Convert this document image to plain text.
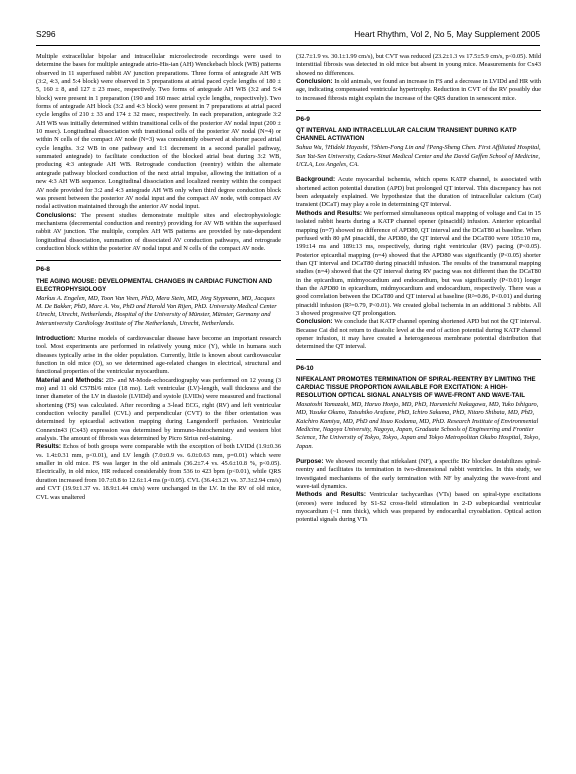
S296	Heart Rhythm, Vol 2, No 5, May Supplement 2005

Multiple extracellular bipolar and intracellular microelectrode recordings were used to determine the bases for multiple antegrade atrio-His-ian (AH) Wenckebach block (WB) patterns observed in 11 superfused rabbit AV junction preparations. Three forms of antegrade AH WB (3:2, 4:3, and 5:4 block) were observed in 3 preparations at atrial paced cycle lengths of 180 ± 5, 160 ± 8, and 127 ± 23 msec, respectively. Two forms of antegrade AH WB (3:2 and 5:4 block) were present in 1 preparation (190 and 160 msec atrial cycle lengths, respectively). Two forms of antegrade AH block (3:2 and 4:3 block) were present in 7 preparations at atrial paced cycle lengths of 210 ± 33 and 174 ± 32 msec, respectively. In each preparation, antegrade 3:2 AH WB was initially determined within transitional cells of the posterior AV nodal input (200 ± 10 msec). Longitudinal dissociation with transitional cells of the posterior AV nodal (N=4) or within N cells of the compact AV node (N=3) was consistently observed at shorter paced atrial cycle lengths. 3:2 WB in one pathway and 1:1 decrement in a second parallel pathway, summated antegrade) to facilitate conduction of the blocked atrial beat during 3:2 WB, producing 4:3 antegrade AH WB. Retrograde conduction (reentry) within the alternate antegrade pathway blocked conduction of the next atrial impulse, allowing the initiation of a new 4:3 AH WB sequence. Longitudinal dissociation and localized reentry within the compact AV node provided for 3:2 and 4:3 antegrade AH WB only when third degree conduction block was present between the posterior AV nodal input and the compact AV node, with compact AV nodal activation maintained through the anterior AV nodal input.

Conclusions: The present studies demonstrate multiple sites and electrophysiologic mechanisms (decremental conduction and reentry) providing for AV WB within the superfused rabbit AV junction. The multiple, complex AH WB patterns are provided by rate-dependent longitudinal dissociation, summation of dissociated AV conduction pathways, and retrograde conduction block within the posterior AV nodal input and N cells of the compact AV node.

P6-8
THE AGING MOUSE: DEVELOPMENTAL CHANGES IN CARDIAC FUNCTION AND ELECTROPHYSIOLOGY
Markus A. Engelen, MD, Toon Van Veen, PhD, Mera Stein, MD, Jörg Stypmann, MD, Jacques M. De Bakker, PhD, Marc A. Vos, PhD and Harold Van Rijen, PhD. University Medical Center Utrecht, Utrecht, Netherlands, Hospital of the University of Münster, Münster, Germany and Interuniversity Cardiology Institute of The Netherlands, Utrecht, Netherlands.

Introduction: Murine models of cardiovascular disease have become an important research tool. Most experiments are performed in relatively young mice (Y), while in humans such diseases typically arise in the older population. Currently, little is known about cardiovascular function in old mice (O), so we determined age-related changes in electrical, structural and functional properties of the ventricular myocardium.

Material and Methods: 2D- and M-Mode-echocardiography was performed on 12 young (3 mo) and 11 old C57Bl/6 mice (18 mo). Left ventricular (LV)-length, wall thickness and the inner diameter of the LV in diastole (LVIDd) and systole (LVIDs) were measured and fractional shortening (FS) was calculated. After recording a 3-lead ECG, right (RV) and left ventricular conduction velocity parallel (CVL) and perpendicular (CVT) to the fiber orientation was determined by epicardial activation mapping during Langendorff perfusion. Ventricular Connexin43 (Cx43) expression was determined by immuno-histochemistry and western blot analysis. The amount of fibrosis was determined by Picro Sirius red-staining.

Results: Echos of both groups were comparable with the exception of both LVIDd (1.9±0.36 vs. 1.4±0.31 mm, p<0.01), and LV length (7.0±0.9 vs. 6.0±0.63 mm, p=0.01) which were smaller in old mice. FS was larger in the old animals (36.2±7.4 vs. 45.6±10.8 %, p<0.05). Electrically, in old mice, HR reduced considerably from 536 to 423 bpm (p<0.01), while QRS duration increased from 10.7±0.8 to 12.6±1.4 ms (p<0.05). CVL (36.4±3.21 vs. 37.3±2.94 cm/s) and CVT (19.9±1.37 vs. 18.9±1.44 cm/s) were unchanged in the LV. In the RV of old mice, CVL was unaltered

(32.7±1.9 vs. 30.1±1.99 cm/s), but CVT was reduced (23.2±1.3 vs 17.5±5.9 cm/s, p<0.05). Mild interstitial fibrosis was detected in old mice but absent in young mice. Measurements for Cx43 showed no differences.

Conclusion: In old animals, we found an increase in FS and a decrease in LVIDd and HR with age, indicating compensated ventricular hypertrophy. Reduction in CVT of the RV possibly due to increased fibrosis might explain the increase of the QRS duration in senescent mice.

P6-9
QT INTERVAL AND INTRACELLULAR CALCIUM TRANSIENT DURING KATP CHANNEL ACTIVATION
Suhua Wu, †Hideki Hayashi, †Shien-Fong Lin and †Peng-Sheng Chen. First Affiliated Hospital, Sun Yat-Sen University, Cedars-Sinai Medical Center and the David Geffen School of Medicine, UCLA, Los Angeles, CA.

Background: Acute myocardial ischemia, which opens KATP channel, is associated with shortened action potential duration (APD) but prolonged QT interval. This discrepancy has not been adequately explained. We hypothesize that the duration of intracellular calcium (Cai) transient (DCaT) may play a role in determining QT interval.

Methods and Results: We performed simultaneous optical mapping of voltage and Cai in 15 isolated rabbit hearts during a KATP channel opener (pinacidil) infusion. Anterior epicardial mapping (n=7) showed no difference of APD80, QT interval and the DCaT80 at baseline. When perfused with 80 μM pinacidil, the APD80, the QT interval and the DCaT80 were 105±10 ms, 199±14 ms and 189±13 ms, respectively, during right ventricular (RV) pacing (P<0.05). Posterior epicardial mapping (n=4) showed that the APD80 was significantly (P<0.05) shorter than QT interval and DCaT80 during pinacidil infusion. The results of the transmural mapping studies (n=4) showed that the QT interval during RV pacing was not different than the DCaT80 in the epicardium, midmyocardium and endocardium, but was significantly (P<0.01) longer than the APD80 in epicardium, midmyocardium and endocardium, respectively. There was a good correlation between the DCaT80 and QT interval at baseline (R²=0.86, P<0.01) and during pinacidil infusion (R²=0.79, P<0.01). We created global ischemia in an additional 3 rabbits. All 3 showed progressive QT prolongation.

Conclusion: We conclude that KATP channel opening shortened APD but not the QT interval. Because Cai did not return to diastolic level at the end of action potential during KATP channel opener infusion, it may have created a heterogeneous membrane potential distribution that determined the QT interval.

P6-10
NIFEKALANT PROMOTES TERMINATION OF SPIRAL-REENTRY BY LIMITING THE CARDIAC TISSUE PROPORTION AVAILABLE FOR EXCITATION: A HIGH-RESOLUTION OPTICAL SIGNAL ANALYSIS OF WAVE-FRONT AND WAVE-TAIL
Masatoshi Yamazaki, MD, Haruo Honjo, MD, PhD, Harumichi Nakagawa, MD, Yuko Ishiguro, MD, Yusuke Okuno, Tatsuhiko Arafune, PhD, Ichiro Sakuma, PhD, Nitaro Shibata, MD, PhD, Kaichiro Kamiya, MD, PhD and Itsuo Kodama, MD, PhD. Research Institute of Environmental Medicine, Nagoya University, Nagoya, Japan, Graduate Schools of Engineering and Frontier Science, The University of Tokyo, Tokyo, Japan and Tokyo Metropolitan Okubo Hospital, Tokyo, Japan.

Purpose: We showed recently that nifekalant (NF), a specific IKr blocker destabilizes spiral-reentry and facilitates its termination in two-dimensional rabbit ventricles. In this study, we investigated mechanisms of the early termination with NF by analyzing the wave-front and wave-tail dynamics.

Methods and Results: Ventricular tachycardias (VTs) based on spiral-type excitations (ereoes) were induced by S1-S2 cross-field stimulation in 2-D subepicardial ventricular myocardium (~1 mm thick), which was prepared by endocardial cryoablation. Optical action potential signals during VTs
